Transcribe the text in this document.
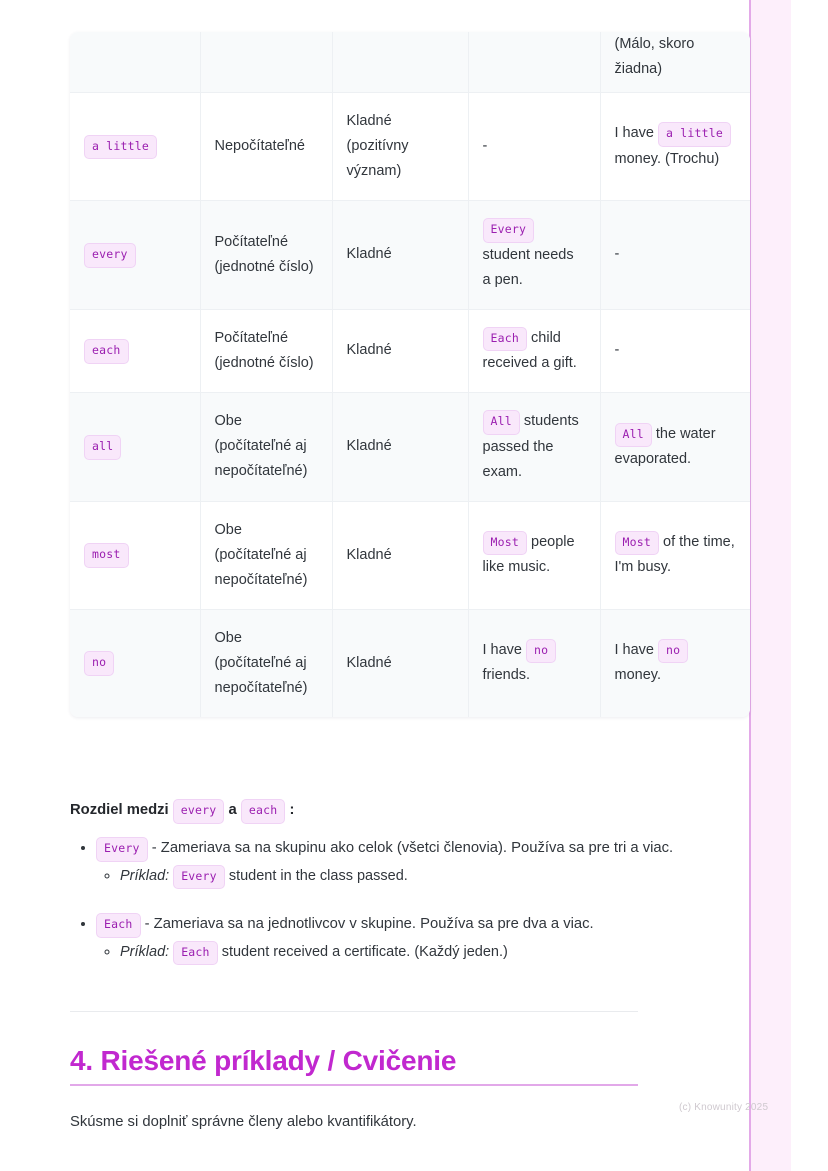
				(Málo, skoro žiadna)
a little	Nepočítateľné	Kladné (pozitívny význam)	-	I have a little money. (Trochu)
every	Počítateľné (jednotné číslo)	Kladné	Every student needs a pen.	-
each	Počítateľné (jednotné číslo)	Kladné	Each child received a gift.	-
all	Obe (počítateľné aj nepočítateľné)	Kladné	All students passed the exam.	All the water evaporated.
most	Obe (počítateľné aj nepočítateľné)	Kladné	Most people like music.	Most of the time, I'm busy.
no	Obe (počítateľné aj nepočítateľné)	Kladné	I have no friends.	I have no money.
Rozdiel medzi every a each :
• Every - Zameriava sa na skupinu ako celok (všetci členovia). Používa sa pre tri a viac.
◦ Príklad: Every student in the class passed.
• Each - Zameriava sa na jednotlivcov v skupine. Používa sa pre dva a viac.
◦ Príklad: Each student received a certificate. (Každý jeden.)
4. Riešené príklady / Cvičenie
Skúsme si doplniť správne členy alebo kvantifikátory.
(c) Knowunity 2025
